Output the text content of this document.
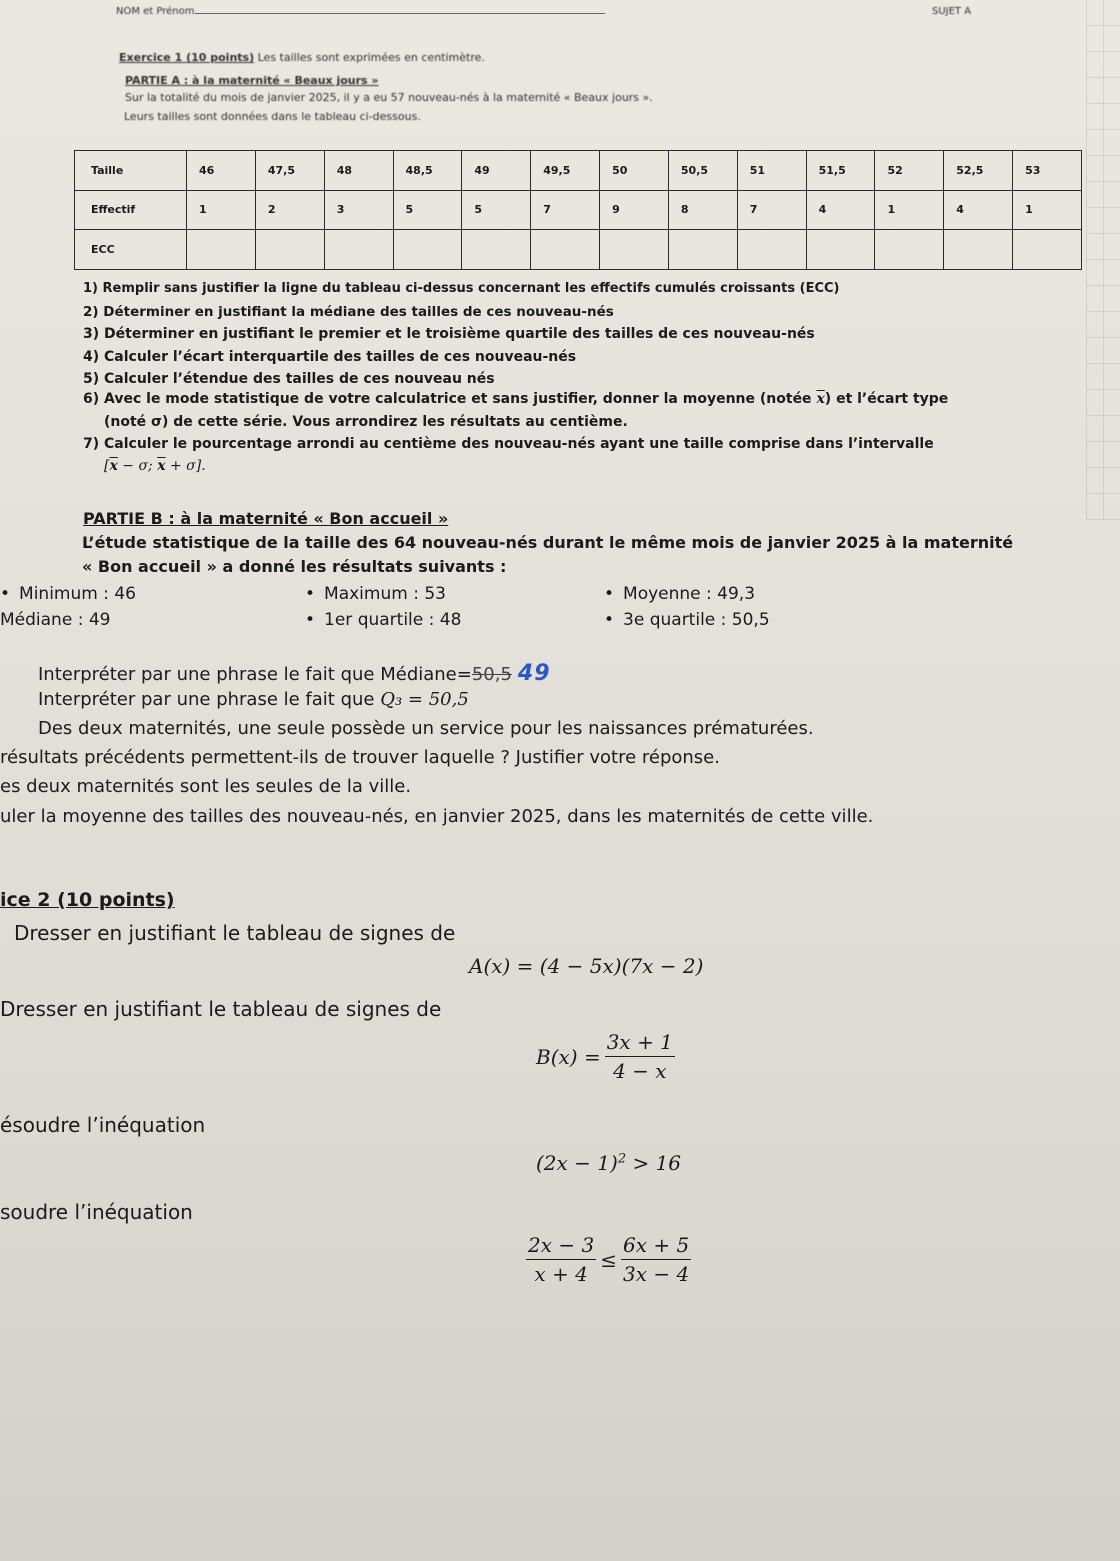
NOM et Prénom	SUJET A
Exercice 1 (10 points) Les tailles sont exprimées en centimètre.
PARTIE A : à la maternité « Beaux jours »
Sur la totalité du mois de janvier 2025, il y a eu 57 nouveau-nés à la maternité « Beaux jours ».
Leurs tailles sont données dans le tableau ci-dessous.
Taille	46	47,5	48	48,5	49	49,5	50	50,5	51	51,5	52	52,5	53
Effectif	1	2	3	5	5	7	9	8	7	4	1	4	1
ECC													
1) Remplir sans justifier la ligne du tableau ci-dessus concernant les effectifs cumulés croissants (ECC)
2) Déterminer en justifiant la médiane des tailles de ces nouveau-nés
3) Déterminer en justifiant le premier et le troisième quartile des tailles de ces nouveau-nés
4) Calculer l’écart interquartile des tailles de ces nouveau-nés
5) Calculer l’étendue des tailles de ces nouveau nés
6) Avec le mode statistique de votre calculatrice et sans justifier, donner la moyenne (notée $\overline{x}$) et l’écart type
(noté σ) de cette série. Vous arrondirez les résultats au centième.
7) Calculer le pourcentage arrondi au centième des nouveau-nés ayant une taille comprise dans l’intervalle
[$\overline{x} - \sigma$; $\overline{x} + \sigma$].
PARTIE B : à la maternité « Bon accueil »
L’étude statistique de la taille des 64 nouveau-nés durant le même mois de janvier 2025 à la maternité
« Bon accueil » a donné les résultats suivants :
• Minimum : 46	• Maximum : 53	• Moyenne : 49,3
Médiane : 49	• 1er quartile : 48	• 3e quartile : 50,5
Interpréter par une phrase le fait que Médiane=50,5 49
Interpréter par une phrase le fait que Q₃ = 50,5
Des deux maternités, une seule possède un service pour les naissances prématurées.
résultats précédents permettent-ils de trouver laquelle ? Justifier votre réponse.
es deux maternités sont les seules de la ville.
uler la moyenne des tailles des nouveau-nés, en janvier 2025, dans les maternités de cette ville.
ice 2 (10 points)
Dresser en justifiant le tableau de signes de
A(x) = (4 − 5x)(7x − 2)
Dresser en justifiant le tableau de signes de
$B(x) = \frac{3x + 1}{4 - x}$
ésoudre l’inéquation
$(2x - 1)^2 > 16$
soudre l’inéquation
$\frac{2x - 3}{x + 4} \le \frac{6x + 5}{3x - 4}$
